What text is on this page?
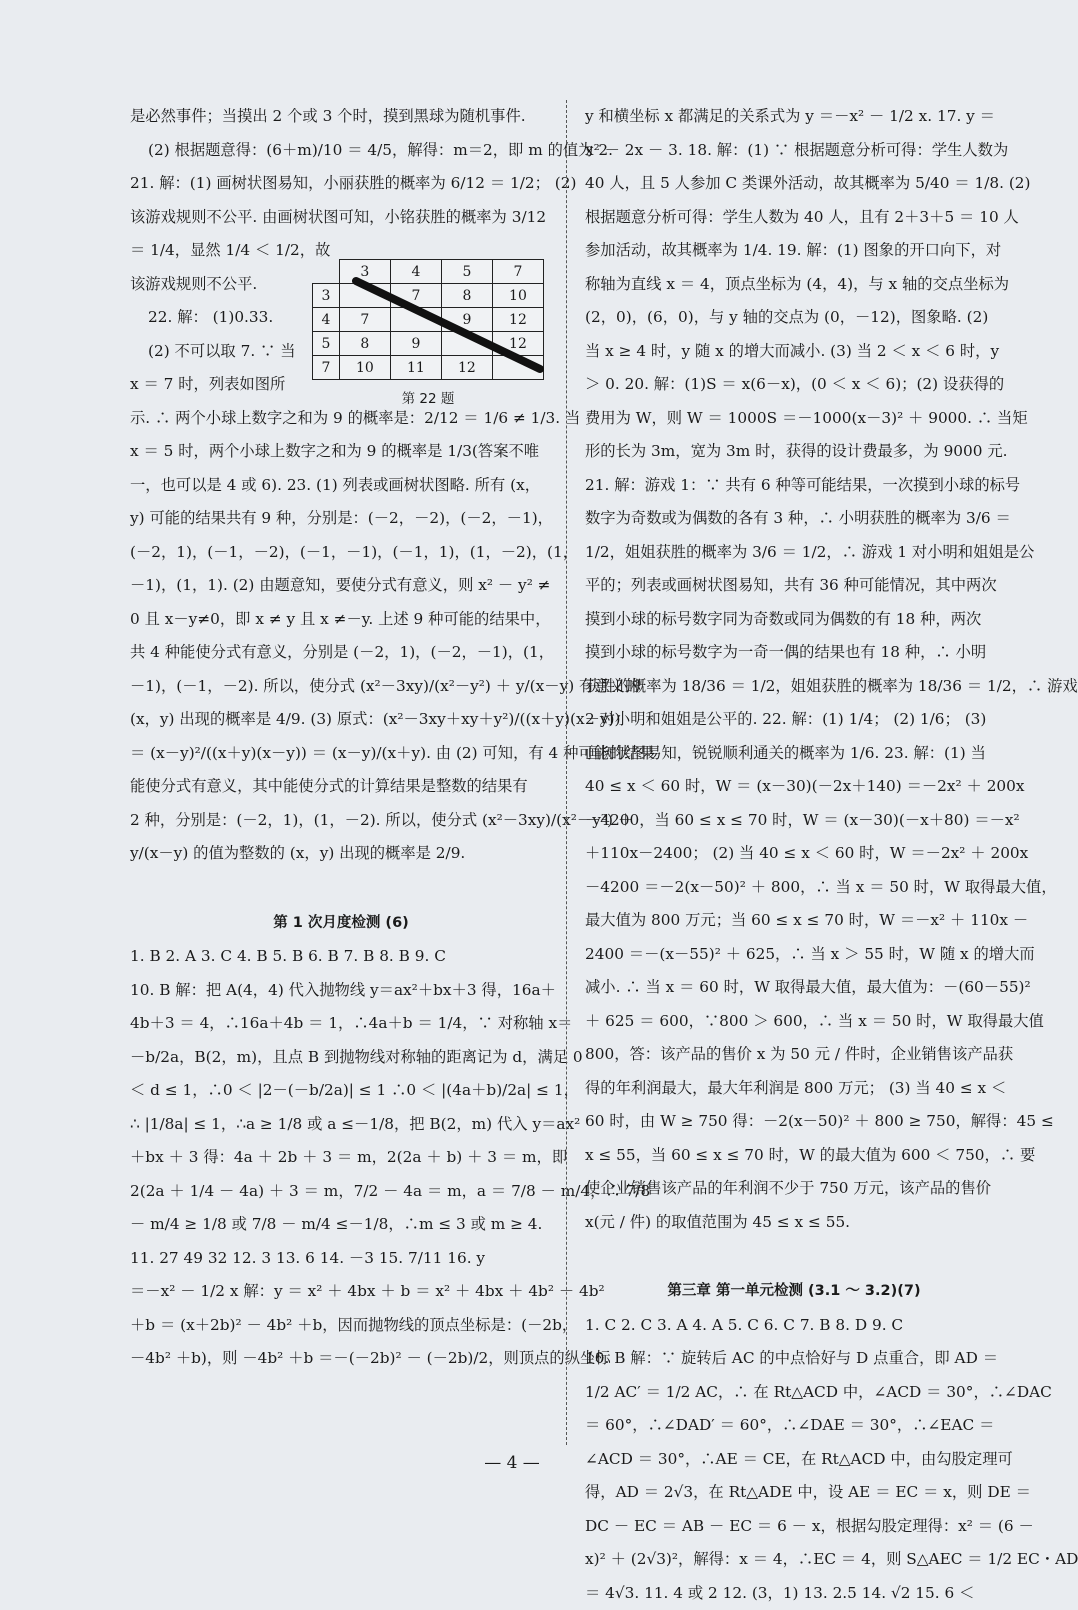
是必然事件；当摸出 2 个或 3 个时，摸到黑球为随机事件.
(2) 根据题意得：(6＋m)/10 ＝ 4/5，解得：m＝2，即 m 的值为 2.
21. 解：(1) 画树状图易知，小丽获胜的概率为 6/12 ＝ 1/2； (2)
该游戏规则不公平. 由画树状图可知，小铭获胜的概率为 3/12
＝ 1/4，显然 1/4 ＜ 1/2，故
该游戏规则不公平.
22. 解： (1)0.33.
(2) 不可以取 7. ∵ 当
x ＝ 7 时，列表如图所
示. ∴ 两个小球上数字之和为 9 的概率是：2/12 ＝ 1/6 ≠ 1/3. 当
x ＝ 5 时，两个小球上数字之和为 9 的概率是 1/3(答案不唯
一，也可以是 4 或 6). 23. (1) 列表或画树状图略. 所有 (x，
y) 可能的结果共有 9 种，分别是：(－2，－2)，(－2，－1)，
(－2，1)，(－1，－2)，(－1，－1)，(－1，1)，(1，－2)，(1，
－1)，(1，1). (2) 由题意知，要使分式有意义，则 x² － y² ≠
0 且 x－y≠0，即 x ≠ y 且 x ≠－y. 上述 9 种可能的结果中，
共 4 种能使分式有意义，分别是 (－2，1)，(－2，－1)，(1，
－1)，(－1，－2). 所以，使分式 (x²－3xy)/(x²－y²) ＋ y/(x－y) 有意义的
(x，y) 出现的概率是 4/9. (3) 原式：(x²－3xy＋xy＋y²)/((x＋y)(x－y))
＝ (x－y)²/((x＋y)(x－y)) ＝ (x－y)/(x＋y). 由 (2) 可知，有 4 种可能的结果
能使分式有意义，其中能使分式的计算结果是整数的结果有
2 种，分别是：(－2，1)，(1，－2). 所以，使分式 (x²－3xy)/(x²－y²) ＋
y/(x－y) 的值为整数的 (x，y) 出现的概率是 2/9.
第 1 次月度检测 (6)
1. B 2. A 3. C 4. B 5. B 6. B 7. B 8. B 9. C
10. B 解：把 A(4，4) 代入抛物线 y＝ax²＋bx＋3 得，16a＋
4b＋3 ＝ 4，∴16a＋4b ＝ 1，∴4a＋b ＝ 1/4，∵ 对称轴 x＝
－b/2a，B(2，m)，且点 B 到抛物线对称轴的距离记为 d，满足 0
＜ d ≤ 1，∴0 ＜ |2－(－b/2a)| ≤ 1 ∴0 ＜ |(4a＋b)/2a| ≤ 1，
∴ |1/8a| ≤ 1，∴a ≥ 1/8 或 a ≤－1/8，把 B(2，m) 代入 y＝ax²
＋bx ＋ 3 得：4a ＋ 2b ＋ 3 ＝ m，2(2a ＋ b) ＋ 3 ＝ m，即
2(2a ＋ 1/4 － 4a) ＋ 3 ＝ m，7/2 － 4a ＝ m，a ＝ 7/8 － m/4，∴ 7/8
－ m/4 ≥ 1/8 或 7/8 － m/4 ≤－1/8，∴m ≤ 3 或 m ≥ 4.
11. 27 49 32 12. 3 13. 6 14. －3 15. 7/11 16. y
＝－x² － 1/2 x 解：y ＝ x² ＋ 4bx ＋ b ＝ x² ＋ 4bx ＋ 4b² － 4b²
＋b ＝ (x＋2b)² － 4b² ＋b，因而抛物线的顶点坐标是：(－2b，
－4b² ＋b)，则 －4b² ＋b ＝－(－2b)² － (－2b)/2，则顶点的纵坐标
	3	4	5	7
3		7	8	10
4	7		9	12
5	8	9		12
7	10	11	12	
第 22 题
y 和横坐标 x 都满足的关系式为 y ＝－x² － 1/2 x. 17. y ＝
x² － 2x － 3. 18. 解：(1) ∵ 根据题意分析可得：学生人数为
40 人，且 5 人参加 C 类课外活动，故其概率为 5/40 ＝ 1/8. (2)
根据题意分析可得：学生人数为 40 人，且有 2＋3＋5 ＝ 10 人
参加活动，故其概率为 1/4. 19. 解：(1) 图象的开口向下，对
称轴为直线 x ＝ 4，顶点坐标为 (4，4)，与 x 轴的交点坐标为
(2，0)，(6，0)，与 y 轴的交点为 (0，－12)，图象略. (2)
当 x ≥ 4 时，y 随 x 的增大而减小. (3) 当 2 ＜ x ＜ 6 时，y
＞ 0. 20. 解：(1)S ＝ x(6－x)，(0 ＜ x ＜ 6)；(2) 设获得的
费用为 W，则 W ＝ 1000S ＝－1000(x－3)² ＋ 9000. ∴ 当矩
形的长为 3m，宽为 3m 时，获得的设计费最多，为 9000 元.
21. 解：游戏 1：∵ 共有 6 种等可能结果，一次摸到小球的标号
数字为奇数或为偶数的各有 3 种，∴ 小明获胜的概率为 3/6 ＝
1/2，姐姐获胜的概率为 3/6 ＝ 1/2，∴ 游戏 1 对小明和姐姐是公
平的；列表或画树状图易知，共有 36 种可能情况，其中两次
摸到小球的标号数字同为奇数或同为偶数的有 18 种，两次
摸到小球的标号数字为一奇一偶的结果也有 18 种，∴ 小明
获胜的概率为 18/36 ＝ 1/2，姐姐获胜的概率为 18/36 ＝ 1/2，∴ 游戏
2 对小明和姐姐是公平的. 22. 解：(1) 1/4； (2) 1/6； (3)
画树状图易知，锐锐顺利通关的概率为 1/6. 23. 解：(1) 当
40 ≤ x ＜ 60 时，W ＝ (x－30)(－2x＋140) ＝－2x² ＋ 200x
－4200，当 60 ≤ x ≤ 70 时，W ＝ (x－30)(－x＋80) ＝－x²
＋110x－2400； (2) 当 40 ≤ x ＜ 60 时，W ＝－2x² ＋ 200x
－4200 ＝－2(x－50)² ＋ 800，∴ 当 x ＝ 50 时，W 取得最大值，
最大值为 800 万元；当 60 ≤ x ≤ 70 时，W ＝－x² ＋ 110x －
2400 ＝－(x－55)² ＋ 625，∴ 当 x ＞ 55 时，W 随 x 的增大而
减小. ∴ 当 x ＝ 60 时，W 取得最大值，最大值为：－(60－55)²
＋ 625 ＝ 600，∵800 ＞ 600，∴ 当 x ＝ 50 时，W 取得最大值
800，答：该产品的售价 x 为 50 元 / 件时，企业销售该产品获
得的年利润最大，最大年利润是 800 万元； (3) 当 40 ≤ x ＜
60 时，由 W ≥ 750 得：－2(x－50)² ＋ 800 ≥ 750，解得：45 ≤
x ≤ 55，当 60 ≤ x ≤ 70 时，W 的最大值为 600 ＜ 750，∴ 要
使企业销售该产品的年利润不少于 750 万元，该产品的售价
x(元 / 件) 的取值范围为 45 ≤ x ≤ 55.
第三章 第一单元检测 (3.1 ～ 3.2)(7)
1. C 2. C 3. A 4. A 5. C 6. C 7. B 8. D 9. C
10. B 解：∵ 旋转后 AC 的中点恰好与 D 点重合，即 AD ＝
1/2 AC′ ＝ 1/2 AC，∴ 在 Rt△ACD 中，∠ACD ＝ 30°，∴∠DAC
＝ 60°，∴∠DAD′ ＝ 60°，∴∠DAE ＝ 30°，∴∠EAC ＝
∠ACD ＝ 30°，∴AE ＝ CE，在 Rt△ACD 中，由勾股定理可
得，AD ＝ 2√3，在 Rt△ADE 中，设 AE ＝ EC ＝ x，则 DE ＝
DC － EC ＝ AB － EC ＝ 6 － x，根据勾股定理得：x² ＝ (6 －
x)² ＋ (2√3)²，解得：x ＝ 4，∴EC ＝ 4，则 S△AEC ＝ 1/2 EC・AD
＝ 4√3. 11. 4 或 2 12. (3，1) 13. 2.5 14. √2 15. 6 ＜
— 4 —
